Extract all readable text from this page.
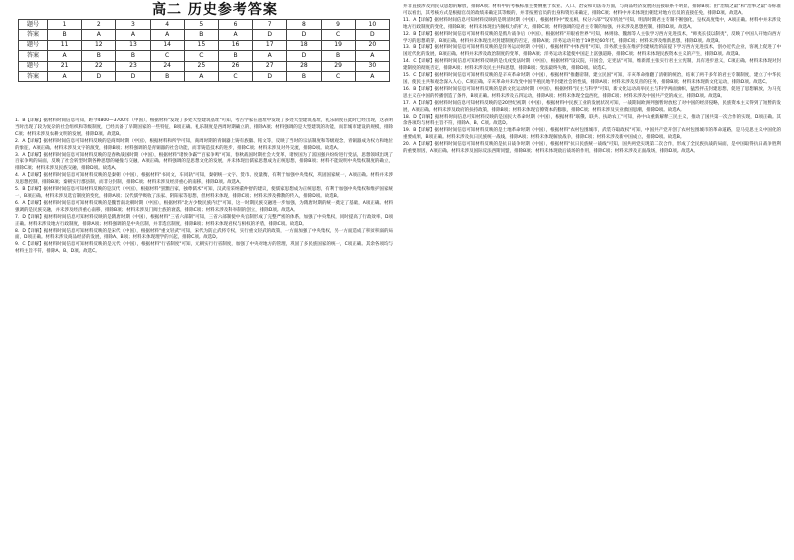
高二 历史参考答案
题号	1	2	3	4	5	6	7	8	9	10
答案	B	A	A	A	B	A	D	D	C	D
题号	11	12	13	14	15	16	17	18	19	20
答案	A	B	B	C	C	B	A	D	B	A
题号	21	22	23	24	25	26	27	28	29	30
答案	A	D	D	B	A	C	D	B	C	A

1．B【详解】据材料时间信息可知，距今4800—3700年（中国），根据材料"发现了多处大型建筑基址"可知，考古学家在遗址中发现了多处大型建筑基址，礼乐制度在此时已经出现，这表明当时出现了较为复杂的社会组织和等级制度，已经具备了早期国家的一些特征，B项正确。礼乐制度是西周时期确立的，排除A项；材料强调的是大型建筑的功能，而非城市建设的规模，排除C项；材料未涉及农耕文明的发展，排除D项。故选B。

2．A【详解】据材料时间信息可知材料反映的是商周时期（中国），根据材料和所学可知，商周时期的青铜器上铸有族徽、铭文等，反映了当时的宗法制度和等级观念，青铜器成为权力和地位的象征，A项正确。材料未涉及文字的演变，排除B项；材料强调的是青铜器的社会功能，而非铸造技术的进步，排除C项；材料未涉及对外交流，排除D项。故选A。

3．A【详解】据材料时间信息可知材料反映的是春秋战国时期（中国），根据材料"诸侯争霸""百家争鸣"可知，春秋战国时期社会大变革，诸侯国为了富国强兵纷纷进行变法，思想领域出现了百家争鸣的局面，反映了社会转型时期各种思想的碰撞与交融，A项正确。材料强调的是思想文化的发展，并未体现出儒家思想成为正统思想，排除B项；材料不能说明中央集权制度的确立，排除C项；材料未涉及民族交融，排除D项。故选A。

4．A【详解】据材料时间信息可知材料反映的是秦朝（中国），根据材料"书同文，车同轨"可知，秦朝统一文字、货币、度量衡，有利于加强中央集权，巩固国家统一，A项正确。材料并未涉及思想控制，排除B项；秦朝实行郡县制，而非分封制，排除C项；材料未涉及经济重心的南移，排除D项。故选A。

5．B【详解】据材料时间信息可知材料反映的是汉代（中国），根据材料"罢黜百家，独尊儒术"可知，汉武帝采纳董仲舒的建议，使儒家思想成为正统思想，有利于加强中央集权和维护国家统一，B项正确。材料未涉及选官制度的变化，排除A项；汉代儒学吸收了法家、阴阳家等思想，但材料未体现，排除C项；材料未涉及佛教的传入，排除D项。故选B。

6．A【详解】据材料时间信息可知材料反映的是魏晋南北朝时期（中国），根据材料"北方少数民族内迁"可知，这一时期民族交融进一步加强，为隋唐时期的统一奠定了基础，A项正确。材料强调的是民族交融，并未涉及经济重心南移，排除B项；材料未涉及门阀士族的衰落，排除C项；材料未涉及科举制的创立，排除D项。故选A。

7．D【详解】据材料时间信息可知材料反映的是隋唐时期（中国），根据材料"三省六部制"可知，三省六部制使中央官制形成了完整严密的体系，加强了中央集权，同时提高了行政效率，D项正确。材料未涉及地方行政制度，排除A项；材料强调的是中央官制，并非选官制度，排除B项；材料未体现君权与相权的矛盾，排除C项。故选D。

8．D【详解】据材料时间信息可知材料反映的是宋代（中国），根据材料"重文轻武"可知，宋代为防止武将专权，实行重文轻武的政策，一方面加强了中央集权，另一方面造成了积贫积弱的局面，D项正确。材料未涉及商品经济的发展，排除A、B项；材料未体现理学的兴起，排除C项。故选D。

9．C【详解】据材料时间信息可知材料反映的是元代（中国），根据材料"行省制度"可知，元朝实行行省制度，加强了中央对地方的管理，巩固了多民族国家的统一，C项正确。其余各项均与材料主旨不符，排除A、B、D项。故选C。

并非直接涉及到民众思想的解放，排除A项；材料中的考核标准主要侧重于农业、人口、治安和司法等方面，与商品经济发展的直接联系不明显，排除B项；由"治绩之最"和"治事之最"等标准可以看出，其考核方式是根据官员的政绩来确定其等级的，并非按照官员的出身和资历来确定，排除C项；材料中并未体现出朝廷对地方官员的直接任免，排除D项。故选A。

11．A【详解】据材料时间信息可知材料反映的是明清时期（中国），根据材料中"废丞相，权分六部""设军机处"可知，明清时期君主专制不断强化，皇权高度集中，A项正确。材料中并未涉及地方行政制度的变化，排除B项；材料未体现出内阁权力的扩大，排除C项；材料强调的是君主专制的加强，并未涉及思想控制，排除D项。故选A。

12．B【详解】据材料时间信息可知材料反映的是鸦片战争后（中国），根据材料"开眼看世界"可知，林则徐、魏源等人主张学习西方先进技术，"师夷长技以制夷"，反映了中国人开始向西方学习的思想萌芽，B项正确。材料并未体现出对封建制度的否定，排除A项；洋务运动开始于19世纪60年代，排除C项；材料未涉及维新思想，排除D项。故选B。

13．B【详解】据材料时间信息可知材料反映的是洋务运动时期（中国），根据材料"中体西用"可知，洋务派主张在维护封建统治的前提下学习西方先进技术，创办近代企业，客观上促进了中国近代化的发展，B项正确。材料并未涉及政治制度的变革，排除A项；洋务运动未能使中国走上富强道路，排除C项；材料未体现民族资本主义的产生，排除D项。故选B。

14．C【详解】据材料时间信息可知材料反映的是戊戌变法时期（中国），根据材料"设议院，开国会，定宪法"可知，维新派主张实行君主立宪制，具有进步意义，C项正确。材料未体现对封建制度的彻底否定，排除A项；材料未涉及民主共和思想，排除B项；变法最终失败，排除D项。故选C。

15．C【详解】据材料时间信息可知材料反映的是辛亥革命时期（中国），根据材料"推翻帝制，建立民国"可知，辛亥革命推翻了清朝的统治，结束了两千多年的君主专制制度，建立了中华民国，使民主共和观念深入人心，C项正确。辛亥革命并未改变中国半殖民地半封建社会的性质，排除A项；材料未涉及反帝的任务，排除B项；材料未体现新文化运动，排除D项。故选C。

16．B【详解】据材料时间信息可知材料反映的是新文化运动时期（中国），根据材料"民主与科学"可知，新文化运动高举民主与科学两面旗帜，猛烈抨击封建思想，促进了思想解放，为马克思主义在中国的传播创造了条件，B项正确。材料未涉及五四运动，排除A项；材料未体现全盘西化，排除C项；材料未涉及中国共产党的成立，排除D项。故选B。

17．A【详解】据材料时间信息可知材料反映的是20世纪初期（中国），根据材料中民族工业的发展状况可知，一战期间欧洲列强暂时放松了对中国的经济侵略，民族资本主义得到了短暂的发展，A项正确。材料未涉及政府的扶持政策，排除B项；材料未体现官僚资本的膨胀，排除C项；材料未涉及实业救国思潮，排除D项。故选A。

18．D【详解】据材料时间信息可知材料反映的是国民大革命时期（中国），根据材料"联俄、联共、扶助农工"可知，孙中山重新解释三民主义，推动了国共第一次合作的实现，D项正确。其余各项均与材料主旨不符，排除A、B、C项。故选D。

19．B【详解】据材料时间信息可知材料反映的是土地革命时期（中国），根据材料"农村包围城市，武装夺取政权"可知，中国共产党开创了农村包围城市的革命道路，是马克思主义中国化的重要成果，B项正确。材料未涉及抗日民族统一战线，排除A项；材料未体现解放战争，排除C项；材料未涉及新中国成立，排除D项。故选B。

20．A【详解】据材料时间信息可知材料反映的是抗日战争时期（中国），根据材料"抗日民族统一战线"可知，国共两党实现第二次合作，形成了全民族抗战的局面，是中国取得抗日战争胜利的重要原因，A项正确。材料未涉及国际反法西斯同盟，排除B项；材料未体现敌后战场的作用，排除C项；材料未涉及正面战场，排除D项。故选A。
